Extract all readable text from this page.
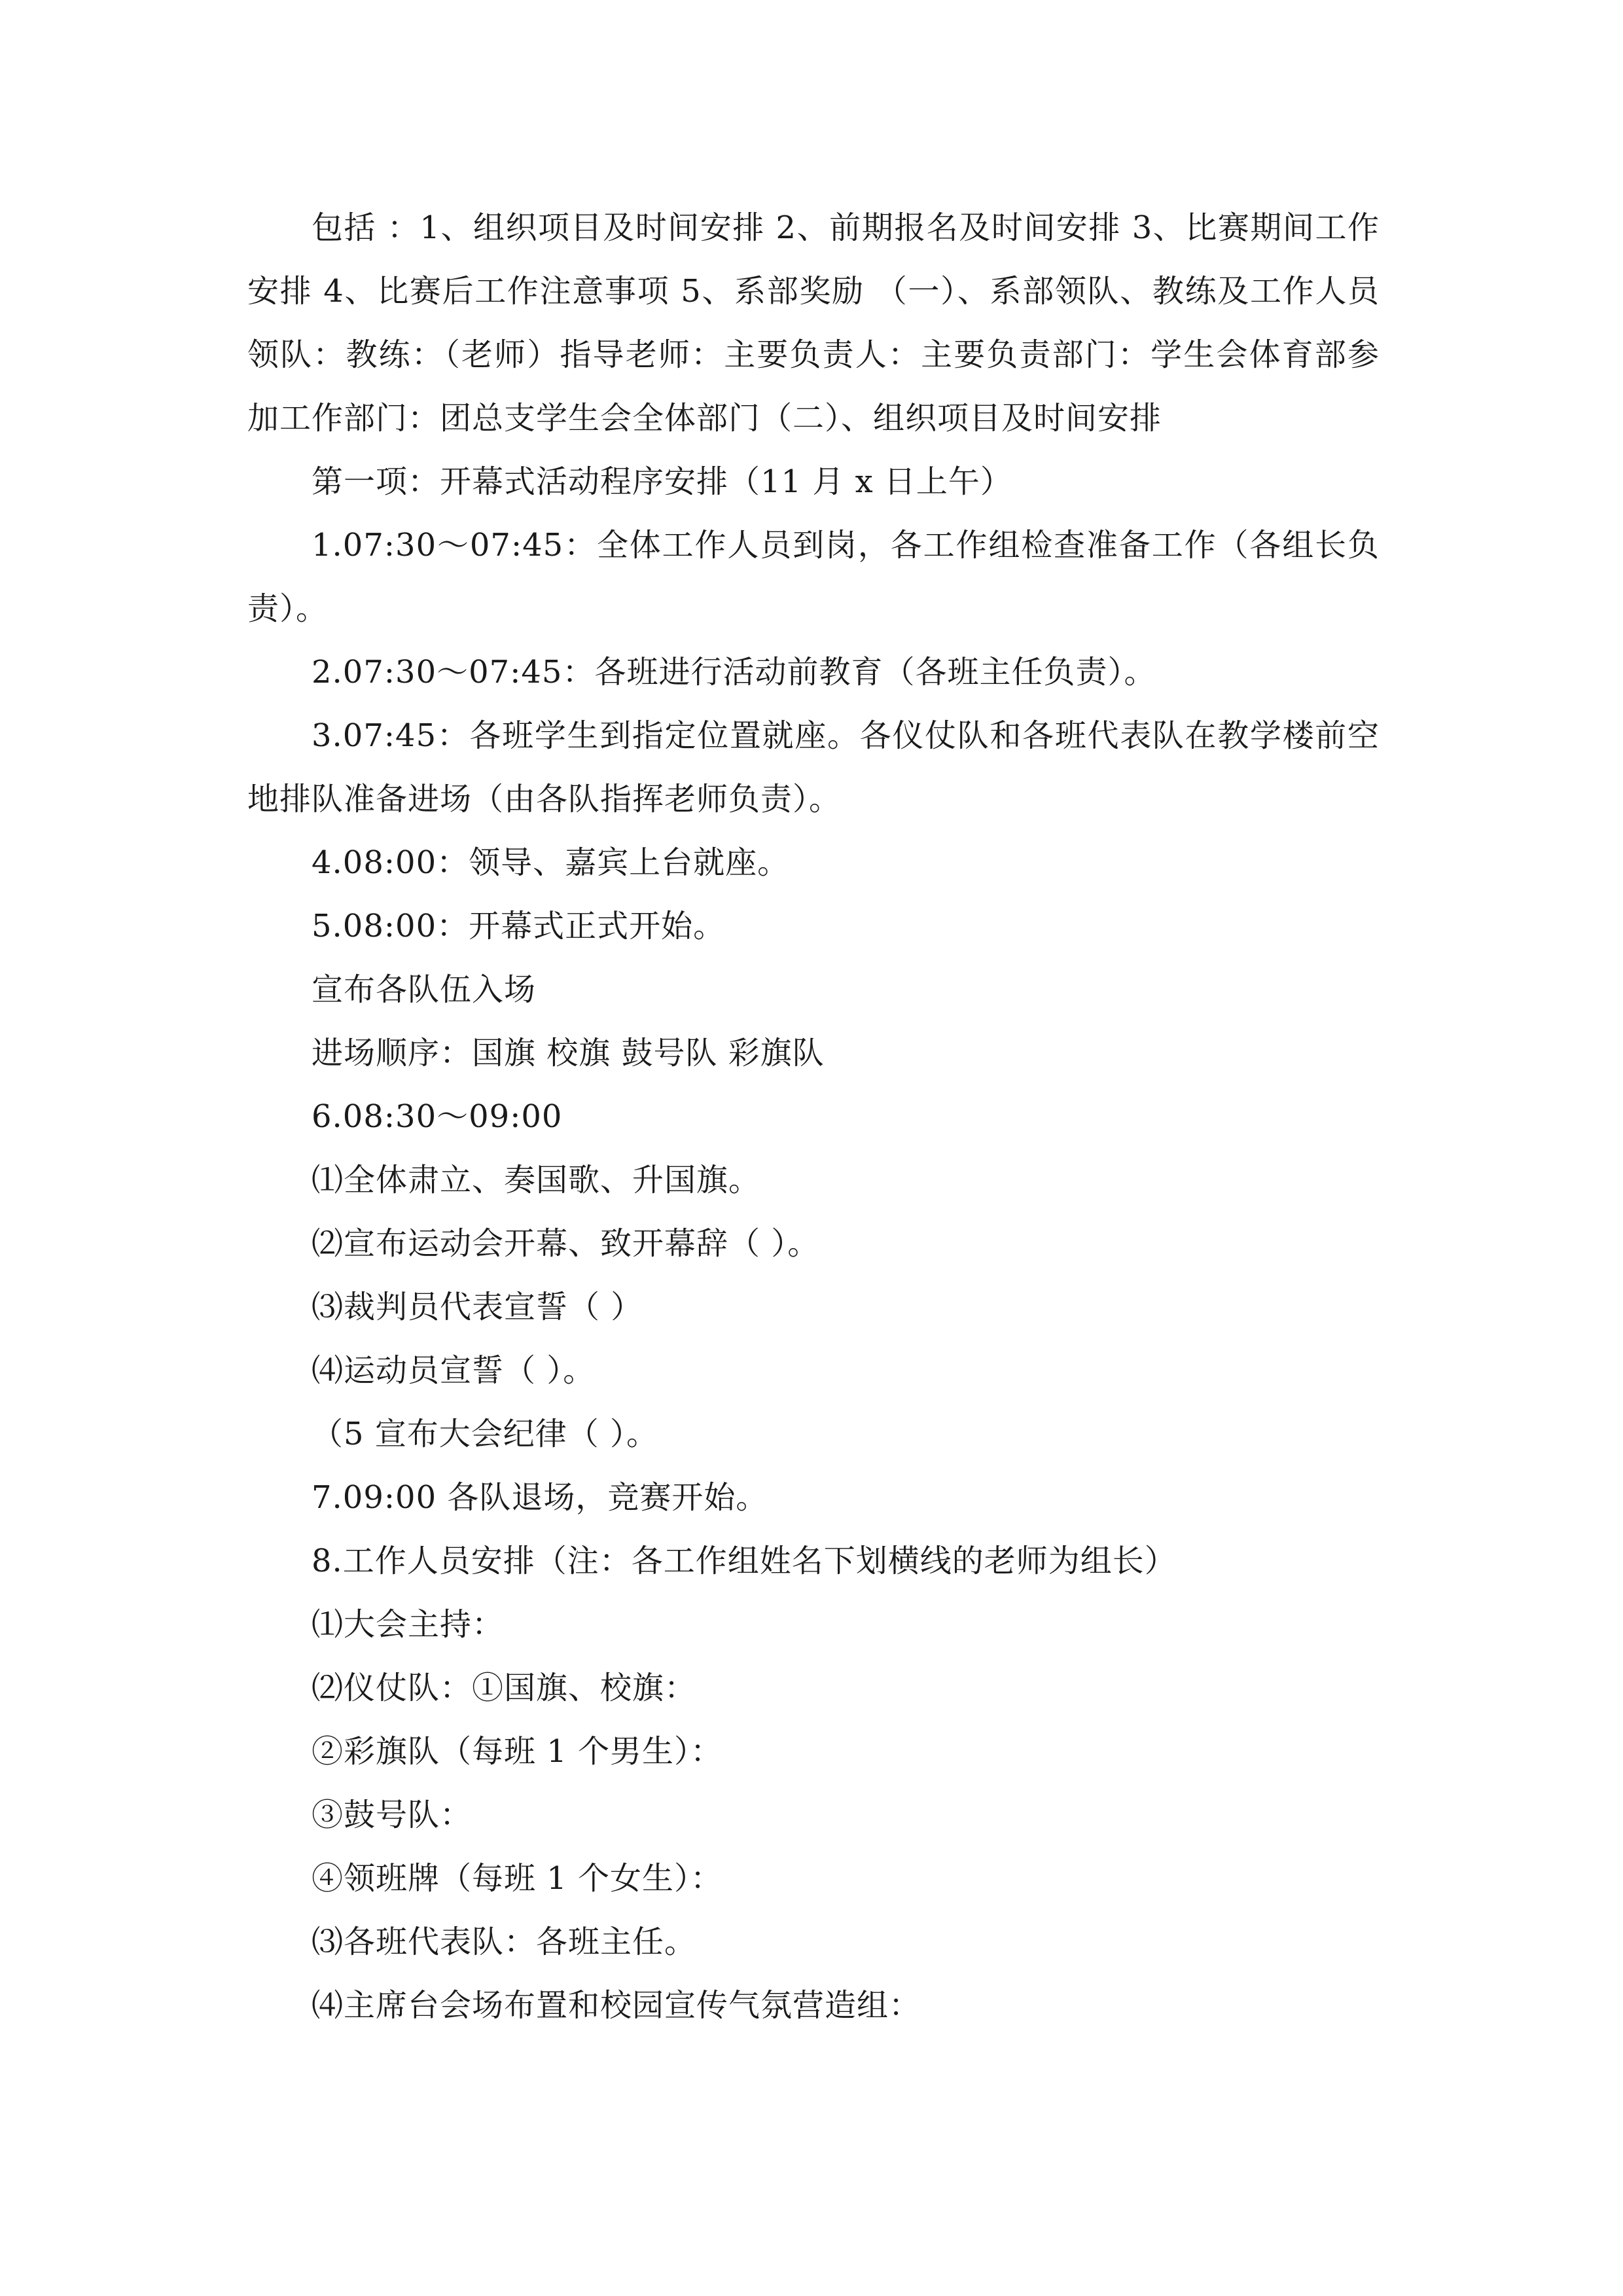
包括 ：1、组织项目及时间安排 2、前期报名及时间安排 3、比赛期间工作安排 4、比赛后工作注意事项 5、系部奖励 （一）、系部领队、教练及工作人员 领队：教练：（老师）指导老师：主要负责人：主要负责部门：学生会体育部参加工作部门：团总支学生会全体部门（二）、组织项目及时间安排

第一项：开幕式活动程序安排（11 月 x 日上午）

1.07:30～07:45：全体工作人员到岗，各工作组检查准备工作（各组长负责）。

2.07:30～07:45：各班进行活动前教育（各班主任负责）。

3.07:45：各班学生到指定位置就座。各仪仗队和各班代表队在教学楼前空地排队准备进场（由各队指挥老师负责）。

4.08:00：领导、嘉宾上台就座。

5.08:00：开幕式正式开始。

宣布各队伍入场

进场顺序：国旗 校旗 鼓号队 彩旗队

6.08:30～09:00

⑴全体肃立、奏国歌、升国旗。

⑵宣布运动会开幕、致开幕辞（ ）。

⑶裁判员代表宣誓（ ）

⑷运动员宣誓（ ）。

（5 宣布大会纪律（ ）。

7.09:00 各队退场，竞赛开始。

8.工作人员安排（注：各工作组姓名下划横线的老师为组长）

⑴大会主持：

⑵仪仗队：①国旗、校旗：

②彩旗队（每班 1 个男生）：

③鼓号队：

④领班牌（每班 1 个女生）：

⑶各班代表队：各班主任。

⑷主席台会场布置和校园宣传气氛营造组：
